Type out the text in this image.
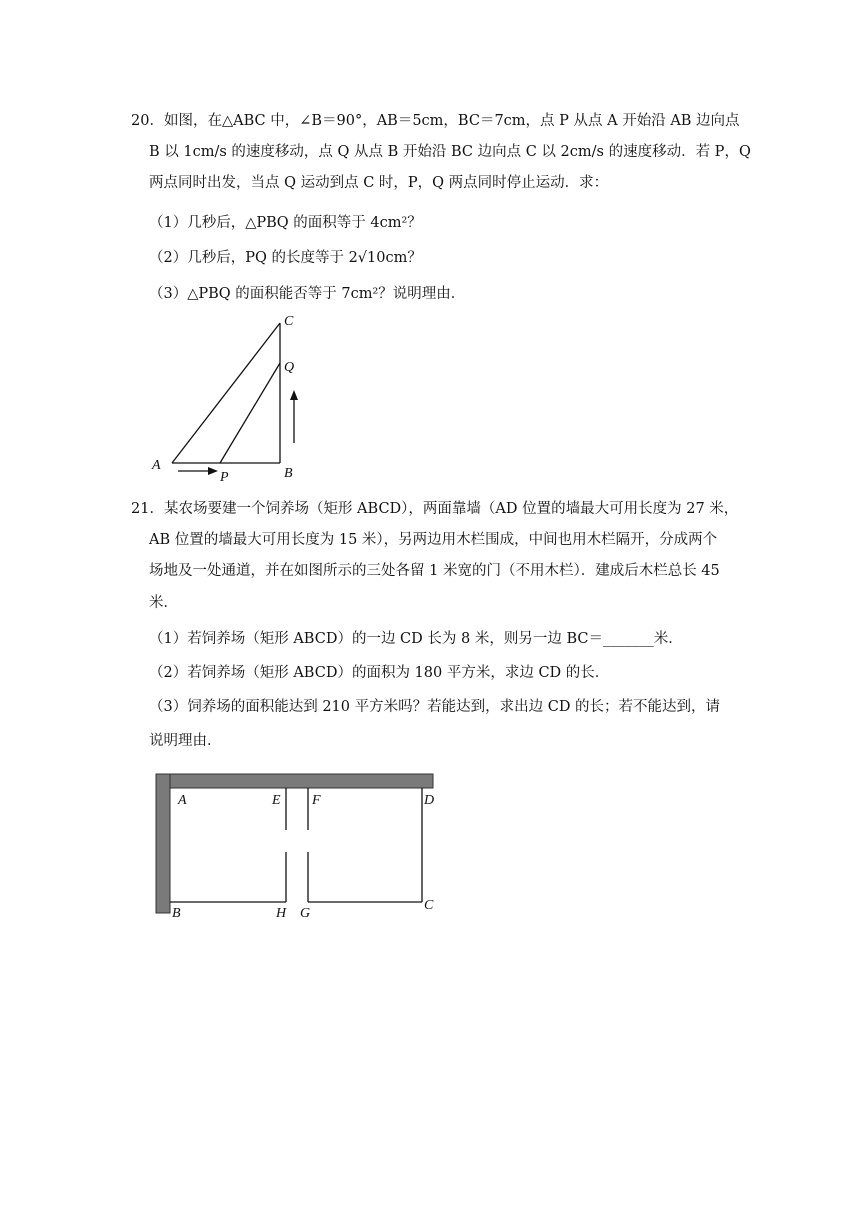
20．如图，在△ABC 中，∠B＝90°，AB＝5cm，BC＝7cm，点 P 从点 A 开始沿 AB 边向点
B 以 1cm/s 的速度移动，点 Q 从点 B 开始沿 BC 边向点 C 以 2cm/s 的速度移动．若 P，Q
两点同时出发，当点 Q 运动到点 C 时，P，Q 两点同时停止运动．求：
（1）几秒后，△PBQ 的面积等于 4cm²？
（2）几秒后，PQ 的长度等于 2√10cm？
（3）△PBQ 的面积能否等于 7cm²？说明理由．
A
B
C
P
Q
21．某农场要建一个饲养场（矩形 ABCD），两面靠墙（AD 位置的墙最大可用长度为 27 米，
AB 位置的墙最大可用长度为 15 米），另两边用木栏围成，中间也用木栏隔开，分成两个
场地及一处通道，并在如图所示的三处各留 1 米宽的门（不用木栏）．建成后木栏总长 45
米．
（1）若饲养场（矩形 ABCD）的一边 CD 长为 8 米，则另一边 BC＝_______米．
（2）若饲养场（矩形 ABCD）的面积为 180 平方米，求边 CD 的长．
（3）饲养场的面积能达到 210 平方米吗？若能达到，求出边 CD 的长；若不能达到，请
说明理由．
A	E F	D
B	H G
C
